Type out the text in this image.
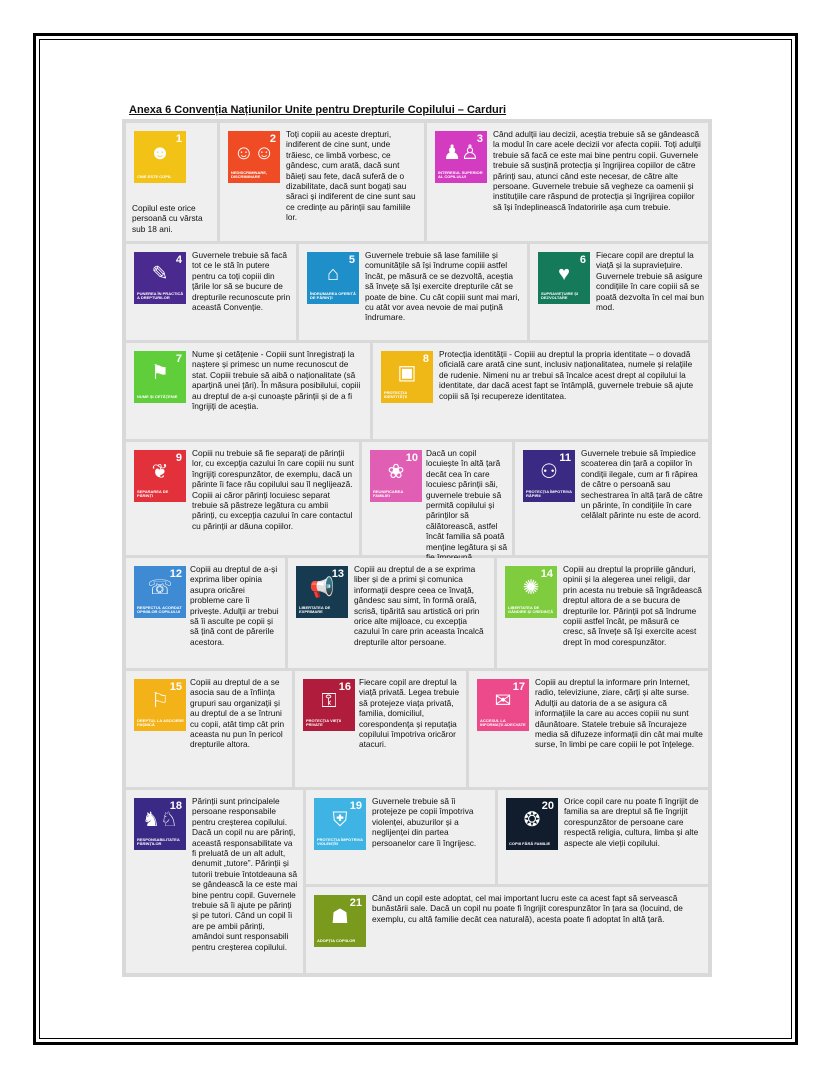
Anexa 6 Convenția Națiunilor Unite pentru Drepturile Copilului – Carduri
1
☻
CINE ESTE COPIL
Copilul este orice persoană cu vârsta sub 18 ani.
2
☺☺
NEDISCRIMINARE, DISCRIMINARE
Toți copiii au aceste drepturi, indiferent de cine sunt, unde trăiesc, ce limbă vorbesc, ce gândesc, cum arată, dacă sunt băieți sau fete, dacă suferă de o dizabilitate, dacă sunt bogați sau săraci și indiferent de cine sunt sau ce credințe au părinții sau familiile lor.
3
♟♙
INTERESUL SUPERIOR AL COPILULUI
Când adulții iau decizii, aceștia trebuie să se gândească la modul în care acele decizii vor afecta copiii. Toți adulții trebuie să facă ce este mai bine pentru copii. Guvernele trebuie să susțină protecția și îngrijirea copiilor de către părinți sau, atunci când este necesar, de către alte persoane. Guvernele trebuie să vegheze ca oamenii și instituțiile care răspund de protecția și îngrijirea copiilor să își îndeplinească îndatoririle așa cum trebuie.
4
✎
PUNEREA ÎN PRACTICĂ A DREPTURILOR
Guvernele trebuie să facă tot ce le stă în putere pentru ca toți copiii din țările lor să se bucure de drepturile recunoscute prin această Convenție.
5
⌂
ÎNDRUMAREA OFERITĂ DE PĂRINȚI
Guvernele trebuie să lase familiile și comunitățile să își îndrume copiii astfel încât, pe măsură ce se dezvoltă, aceștia să învețe să își exercite drepturile cât se poate de bine. Cu cât copiii sunt mai mari, cu atât vor avea nevoie de mai puțină îndrumare.
6
♥
SUPRAVIEȚUIRE ȘI DEZVOLTARE
Fiecare copil are dreptul la viață și la supraviețuire. Guvernele trebuie să asigure condițiile în care copiii să se poată dezvolta în cel mai bun mod.
7
⚑
NUME ȘI CETĂȚENIE
Nume și cetățenie - Copiii sunt înregistrați la naștere și primesc un nume recunoscut de stat. Copiii trebuie să aibă o naționalitate (să aparțină unei țări). În măsura posibilului, copiii au dreptul de a-și cunoaște părinții și de a fi îngrijiți de aceștia.
8
▣
PROTECȚIA IDENTITĂȚII
Protecția identității - Copiii au dreptul la propria identitate – o dovadă oficială care arată cine sunt, inclusiv naționalitatea, numele și relațiile de rudenie. Nimeni nu ar trebui să încalce acest drept al copilului la identitate, dar dacă acest fapt se întâmplă, guvernele trebuie să ajute copiii să își recupereze identitatea.
9
❦
SEPARAREA DE PĂRINȚI
Copiii nu trebuie să fie separați de părinții lor, cu excepția cazului în care copiii nu sunt îngrijiți corespunzător, de exemplu, dacă un părinte îi face rău copilului sau îl neglijează. Copiii ai căror părinți locuiesc separat trebuie să păstreze legătura cu ambii părinți, cu excepția cazului în care contactul cu părinții ar dăuna copiilor.
10
❀
REUNIFICAREA FAMILIEI
Dacă un copil locuiește în altă țară decât cea în care locuiesc părinții săi, guvernele trebuie să permită copilului și părinților să călătorească, astfel încât familia să poată menține legătura și să
11
⚇
PROTECȚIA ÎMPOTRIVA RĂPIRII
Guvernele trebuie să împiedice scoaterea din țară a copiilor în condiții ilegale, cum ar fi răpirea de către o persoană sau sechestrarea în altă țară de către un părinte, în condițiile în care celălalt părinte nu este de acord.
12
☏
RESPECTUL ACORDAT OPINIILOR COPILULUI
Copiii au dreptul de a-și exprima liber opinia asupra oricărei probleme care îi privește. Adulții ar trebui să îi asculte pe copii și să țină cont de părerile acestora.
13
📢
LIBERTATEA DE EXPRIMARE
Copiii au dreptul de a se exprima liber și de a primi și comunica informații despre ceea ce învață, gândesc sau simt, în formă orală, scrisă, tipărită sau artistică ori prin orice alte mijloace, cu excepția cazului în care prin aceasta încalcă drepturile altor persoane.
14
✺
LIBERTATEA DE GÂNDIRE ȘI CREDINȚĂ
Copiii au dreptul la propriile gânduri, opinii și la alegerea unei religii, dar prin acesta nu trebuie să îngrădească dreptul altora de a se bucura de drepturile lor. Părinții pot să îndrume copiii astfel încât, pe măsură ce cresc, să învețe să își exercite acest drept în mod corespunzător.
15
⚐
DREPTUL LA ASOCIERE PAȘNICĂ
Copiii au dreptul de a se asocia sau de a înființa grupuri sau organizații și au dreptul de a se întruni cu copii, atât timp cât prin aceasta nu pun în pericol drepturile altora.
16
⚿
PROTECȚIA VIEȚII PRIVATE
Fiecare copil are dreptul la viață privată. Legea trebuie să protejeze viața privată, familia, domiciliul, corespondența și reputația copilului împotriva oricăror atacuri.
17
✉
ACCESUL LA INFORMAȚII ADECVATE
Copiii au dreptul la informare prin Internet, radio, televiziune, ziare, cărți și alte surse. Adulții au datoria de a se asigura că informațiile la care au acces copiii nu sunt dăunătoare. Statele trebuie să încurajeze media să difuzeze informații din cât mai multe surse, în limbi pe care copiii le pot înțelege.
18
♞♘
RESPONSABILITATEA PĂRINȚILOR
Părinții sunt principalele persoane responsabile pentru creșterea copilului. Dacă un copil nu are părinți, această responsabilitate va fi preluată de un alt adult, denumit „tutore”. Părinții și tutorii trebuie întotdeauna să se gândească la ce este mai bine pentru copil. Guvernele trebuie să îi ajute pe părinți și pe tutori. Când un copil îi are pe ambii părinți, amândoi sunt responsabili pentru creșterea copilului.
19
⛨
PROTECȚIA ÎMPOTRIVA VIOLENȚEI
Guvernele trebuie să îi protejeze pe copii împotriva violenței, abuzurilor și a neglijenței din partea persoanelor care îi îngrijesc.
20
❂
COPIII FĂRĂ FAMILIE
Orice copil care nu poate fi îngrijit de familia sa are dreptul să fie îngrijit corespunzător de persoane care respectă religia, cultura, limba și alte aspecte ale vieții copilului.
21
☗
ADOPȚIA COPIILOR
Când un copil este adoptat, cel mai important lucru este ca acest fapt să servească bunăstării sale. Dacă un copil nu poate fi îngrijit corespunzător în țara sa (locuind, de exemplu, cu altă familie decât cea naturală), acesta poate fi adoptat în altă țară.
